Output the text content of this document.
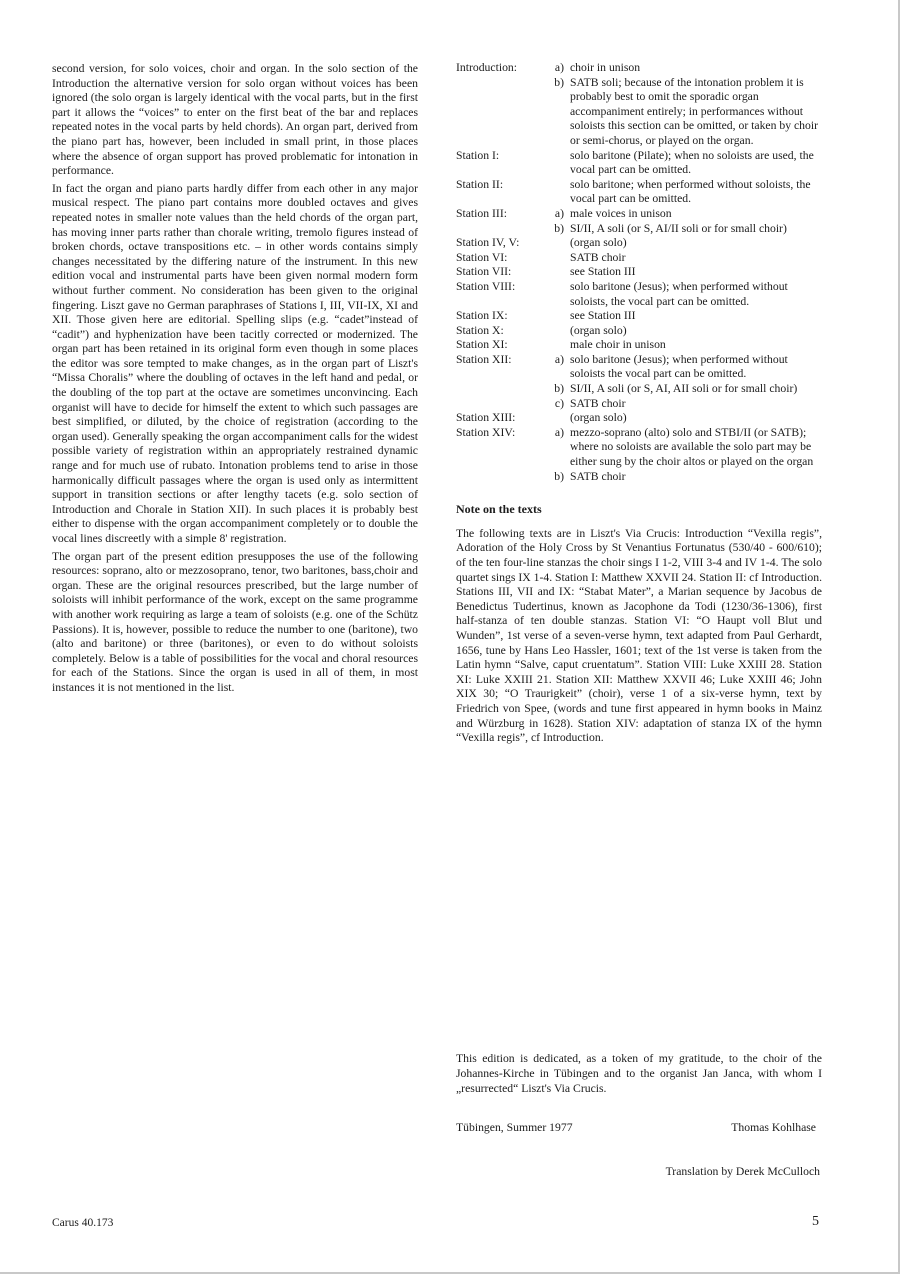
second version, for solo voices, choir and organ. In the solo section of the Introduction the alternative version for solo organ without voices has been ignored (the solo organ is largely identical with the vocal parts, but in the first part it allows the “voices” to enter on the first beat of the bar and replaces repeated notes in the vocal parts by held chords). An organ part, derived from the piano part has, however, been included in small print, in those places where the absence of organ support has proved problematic for intonation in performance.

In fact the organ and piano parts hardly differ from each other in any major musical respect. The piano part contains more doubled octaves and gives repeated notes in smaller note values than the held chords of the organ part, has moving inner parts rather than chorale writing, tremolo figures instead of broken chords, octave transpositions etc. – in other words contains simply changes necessitated by the differing nature of the instrument. In this new edition vocal and instrumental parts have been given normal modern form without further comment. No consideration has been given to the original fingering. Liszt gave no German paraphrases of Stations I, III, VII-IX, XI and XII. Those given here are editorial. Spelling slips (e.g. “cadet”instead of “cadit”) and hyphenization have been tacitly corrected or modernized. The organ part has been retained in its original form even though in some places the editor was sore tempted to make changes, as in the organ part of Liszt's “Missa Choralis” where the doubling of octaves in the left hand and pedal, or the doubling of the top part at the octave are sometimes unconvincing. Each organist will have to decide for himself the extent to which such passages are best simplified, or diluted, by the choice of registration (according to the organ used). Generally speaking the organ accompaniment calls for the widest possible variety of registration within an appropriately restrained dynamic range and for much use of rubato. Intonation problems tend to arise in those harmonically difficult passages where the organ is used only as intermittent support in transition sections or after lengthy tacets (e.g. solo section of Introduction and Chorale in Station XII). In such places it is probably best either to dispense with the organ accompaniment completely or to double the vocal lines discreetly with a simple 8' registration.

The organ part of the present edition presupposes the use of the following resources: soprano, alto or mezzosoprano, tenor, two baritones, bass,choir and organ. These are the original resources prescribed, but the large number of soloists will inhibit performance of the work, except on the same programme with another work requiring as large a team of soloists (e.g. one of the Schütz Passions). It is, however, possible to reduce the number to one (baritone), two (alto and baritone) or three (baritones), or even to do without soloists completely. Below is a table of possibilities for the vocal and choral resources for each of the Stations. Since the organ is used in all of them, in most instances it is not mentioned in the list.

Introduction:	a)	choir in unison
	b)	SATB soli; because of the intonation problem it is probably best to omit the sporadic organ accompaniment entirely; in performances without soloists this section can be omitted, or taken by choir or semi-chorus, or played on the organ.
Station I:		solo baritone (Pilate); when no soloists are used, the vocal part can be omitted.
Station II:		solo baritone; when performed without soloists, the vocal part can be omitted.
Station III:	a)	male voices in unison
	b)	SI/II, A soli (or S, AI/II soli or for small choir)
Station IV, V:		(organ solo)
Station VI:		SATB choir
Station VII:		see Station III
Station VIII:		solo baritone (Jesus); when performed without soloists, the vocal part can be omitted.
Station IX:		see Station III
Station X:		(organ solo)
Station XI:		male choir in unison
Station XII:	a)	solo baritone (Jesus); when performed without soloists the vocal part can be omitted.
	b)	SI/II, A soli (or S, AI, AII soli or for small choir)
	c)	SATB choir
Station XIII:		(organ solo)
Station XIV:	a)	mezzo-soprano (alto) solo and STBI/II (or SATB); where no soloists are available the solo part may be either sung by the choir altos or played on the organ
	b)	SATB choir
Note on the texts

The following texts are in Liszt's Via Crucis: Introduction “Vexilla regis”, Adoration of the Holy Cross by St Venantius Fortunatus (530/40 - 600/610); of the ten four-line stanzas the choir sings I 1-2, VIII 3-4 and IV 1-4. The solo quartet sings IX 1-4. Station I: Matthew XXVII 24. Station II: cf Introduction. Stations III, VII and IX: “Stabat Mater”, a Marian sequence by Jacobus de Benedictus Tudertinus, known as Jacophone da Todi (1230/36-1306), first half-stanza of ten double stanzas. Station VI: “O Haupt voll Blut und Wunden”, 1st verse of a seven-verse hymn, text adapted from Paul Gerhardt, 1656, tune by Hans Leo Hassler, 1601; text of the 1st verse is taken from the Latin hymn “Salve, caput cruentatum”. Station VIII: Luke XXIII 28. Station XI: Luke XXIII 21. Station XII: Matthew XXVII 46; Luke XXIII 46; John XIX 30; “O Traurigkeit” (choir), verse 1 of a six-verse hymn, text by Friedrich von Spee, (words and tune first appeared in hymn books in Mainz and Würzburg in 1628). Station XIV: adaptation of stanza IX of the hymn “Vexilla regis”, cf Introduction.

This edition is dedicated, as a token of my gratitude, to the choir of the Johannes-Kirche in Tübingen and to the organist Jan Janca, with whom I „resurrected“ Liszt's Via Crucis.

Tübingen, Summer 1977	Thomas Kohlhase
Translation by Derek McCulloch
Carus 40.173	5
